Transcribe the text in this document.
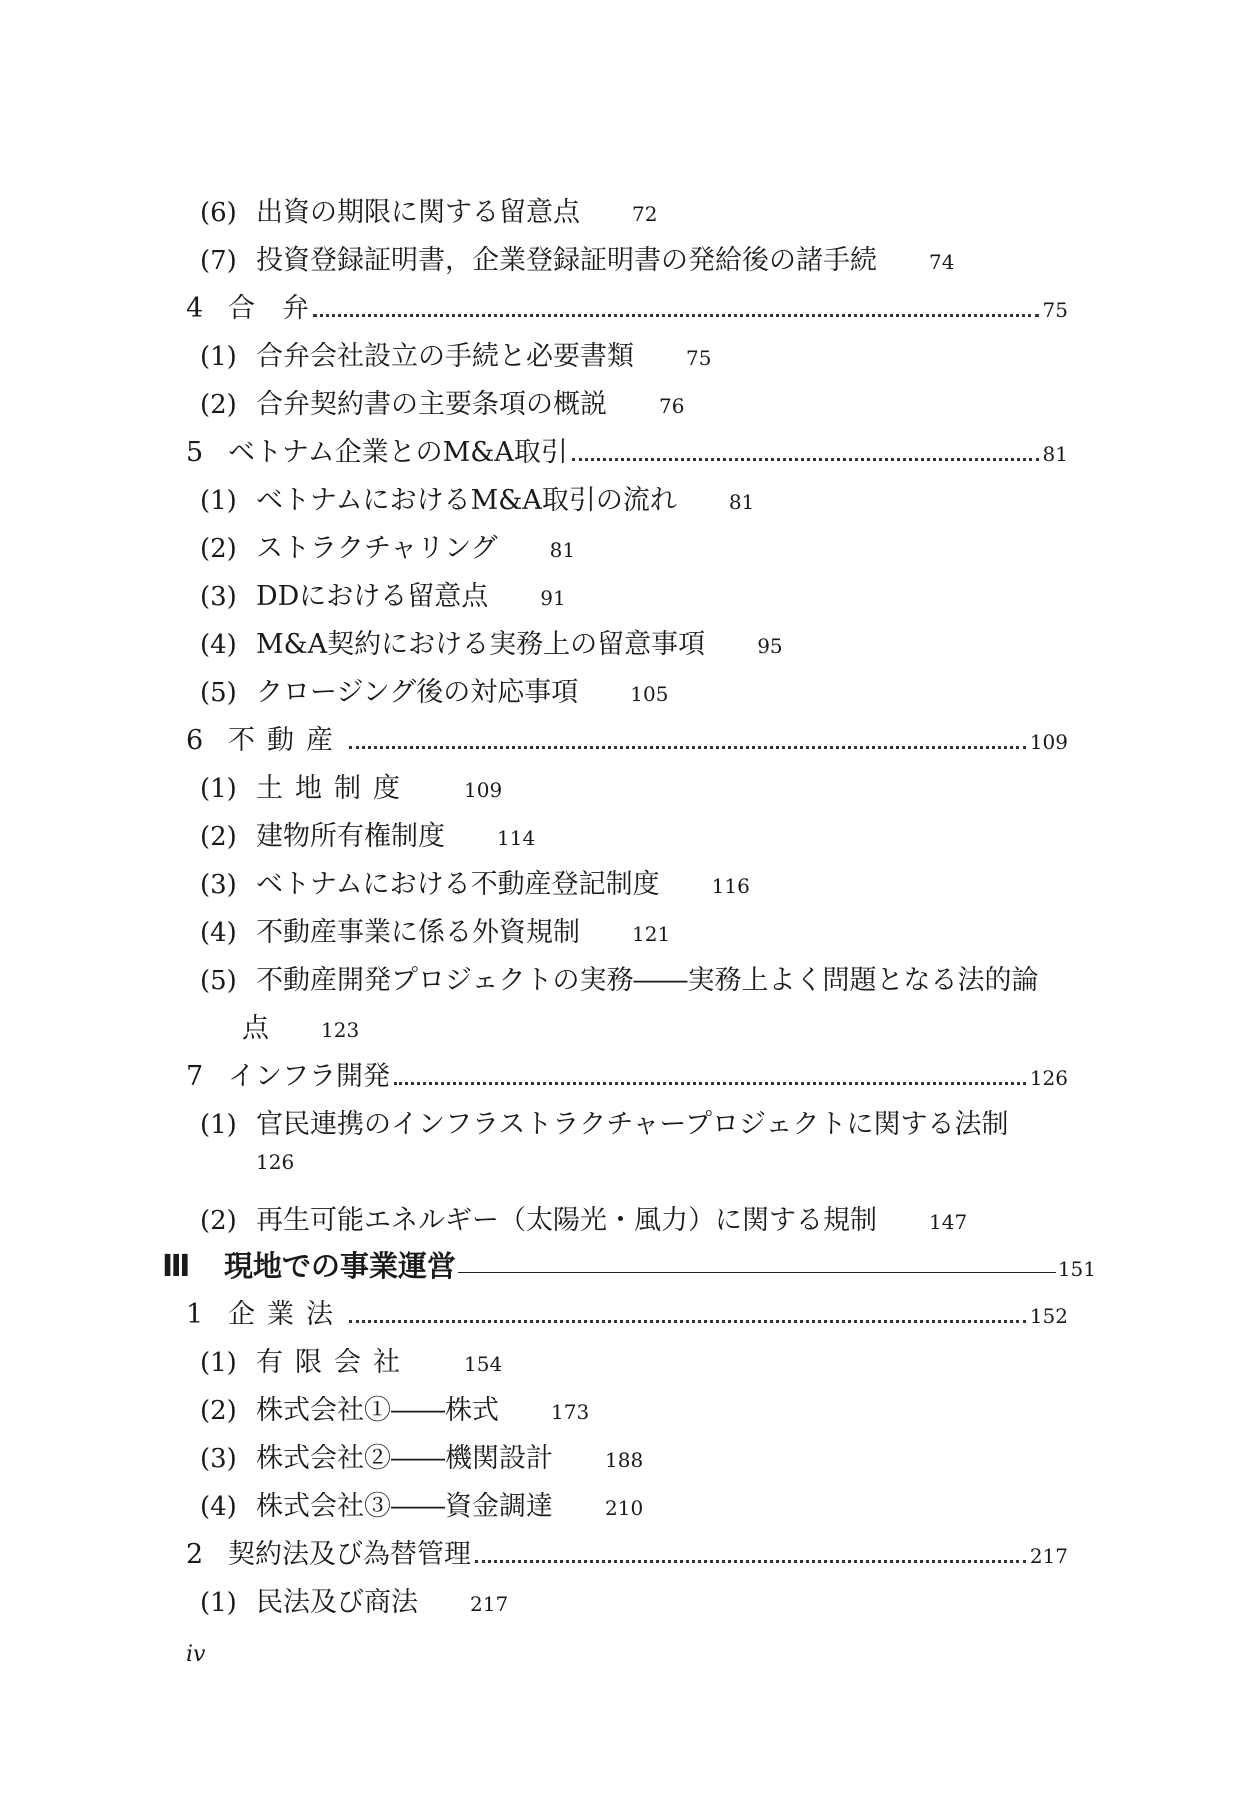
(6) 出資の期限に関する留意点	72
(7) 投資登録証明書，企業登録証明書の発給後の諸手続	74
4 合　弁	75
(1) 合弁会社設立の手続と必要書類	75
(2) 合弁契約書の主要条項の概説	76
5 ベトナム企業とのM&A取引	81
(1) ベトナムにおけるM&A取引の流れ	81
(2) ストラクチャリング	81
(3) DDにおける留意点	91
(4) M&A契約における実務上の留意事項	95
(5) クロージング後の対応事項	105
6 不動産	109
(1) 土地制度	109
(2) 建物所有権制度	114
(3) ベトナムにおける不動産登記制度	116
(4) 不動産事業に係る外資規制	121
(5) 不動産開発プロジェクトの実務――実務上よく問題となる法的論
点	123
7 インフラ開発	126
(1) 官民連携のインフラストラクチャープロジェクトに関する法制
126
(2) 再生可能エネルギー（太陽光・風力）に関する規制	147
Ⅲ	現地での事業運営	151
1 企業法	152
(1) 有限会社	154
(2) 株式会社①――株式	173
(3) 株式会社②――機関設計	188
(4) 株式会社③――資金調達	210
2 契約法及び為替管理	217
(1) 民法及び商法	217
iv
